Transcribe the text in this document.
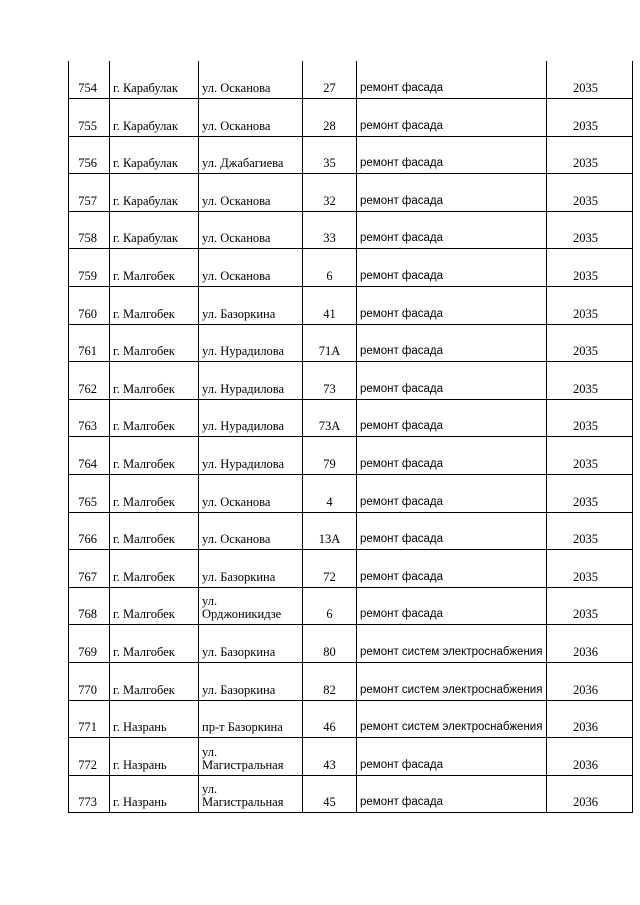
754	г. Карабулак	ул. Осканова	27	ремонт фасада	2035
755	г. Карабулак	ул. Осканова	28	ремонт фасада	2035
756	г. Карабулак	ул. Джабагиева	35	ремонт фасада	2035
757	г. Карабулак	ул. Осканова	32	ремонт фасада	2035
758	г. Карабулак	ул. Осканова	33	ремонт фасада	2035
759	г. Малгобек	ул. Осканова	6	ремонт фасада	2035
760	г. Малгобек	ул. Базоркина	41	ремонт фасада	2035
761	г. Малгобек	ул. Нурадилова	71А	ремонт фасада	2035
762	г. Малгобек	ул. Нурадилова	73	ремонт фасада	2035
763	г. Малгобек	ул. Нурадилова	73А	ремонт фасада	2035
764	г. Малгобек	ул. Нурадилова	79	ремонт фасада	2035
765	г. Малгобек	ул. Осканова	4	ремонт фасада	2035
766	г. Малгобек	ул. Осканова	13А	ремонт фасада	2035
767	г. Малгобек	ул. Базоркина	72	ремонт фасада	2035
768	г. Малгобек	ул. Орджоникидзе	6	ремонт фасада	2035
769	г. Малгобек	ул. Базоркина	80	ремонт систем электроснабжения	2036
770	г. Малгобек	ул. Базоркина	82	ремонт систем электроснабжения	2036
771	г. Назрань	пр-т Базоркина	46	ремонт систем электроснабжения	2036
772	г. Назрань	ул. Магистральная	43	ремонт фасада	2036
773	г. Назрань	ул. Магистральная	45	ремонт фасада	2036
